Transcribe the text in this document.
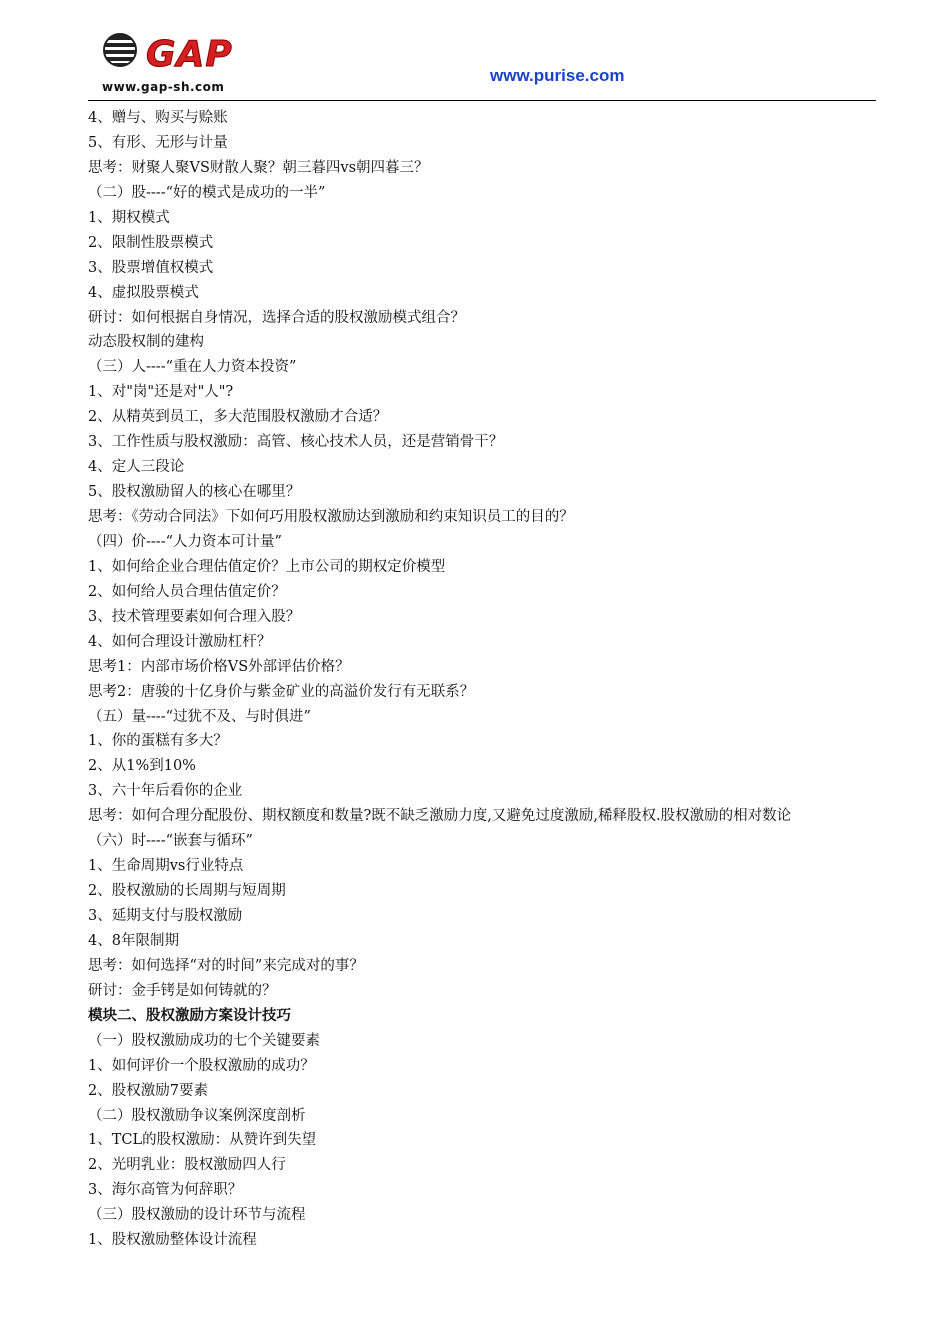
GAP
www.gap-sh.com
www.purise.com
4、赠与、购买与赊账
5、有形、无形与计量
思考：财聚人聚VS财散人聚？朝三暮四vs朝四暮三？
（二）股----“好的模式是成功的一半”
1、期权模式
2、限制性股票模式
3、股票增值权模式
4、虚拟股票模式
研讨：如何根据自身情况，选择合适的股权激励模式组合？
动态股权制的建构
（三）人----“重在人力资本投资”
1、对"岗"还是对"人"?
2、从精英到员工，多大范围股权激励才合适？
3、工作性质与股权激励：高管、核心技术人员，还是营销骨干？
4、定人三段论
5、股权激励留人的核心在哪里？
思考：《劳动合同法》下如何巧用股权激励达到激励和约束知识员工的目的？
（四）价----“人力资本可计量”
1、如何给企业合理估值定价？上市公司的期权定价模型
2、如何给人员合理估值定价？
3、技术管理要素如何合理入股？
4、如何合理设计激励杠杆？
思考1：内部市场价格VS外部评估价格？
思考2：唐骏的十亿身价与紫金矿业的高溢价发行有无联系？
（五）量----“过犹不及、与时俱进”
1、你的蛋糕有多大？
2、从1%到10%
3、六十年后看你的企业
思考：如何合理分配股份、期权额度和数量?既不缺乏激励力度,又避免过度激励,稀释股权.股权激励的相对数论
（六）时----“嵌套与循环”
1、生命周期vs行业特点
2、股权激励的长周期与短周期
3、延期支付与股权激励
4、8年限制期
思考：如何选择“对的时间”来完成对的事？
研讨：金手铐是如何铸就的？
模块二、股权激励方案设计技巧
（一）股权激励成功的七个关键要素
1、如何评价一个股权激励的成功？
2、股权激励7要素
（二）股权激励争议案例深度剖析
1、TCL的股权激励：从赞许到失望
2、光明乳业：股权激励四人行
3、海尔高管为何辞职？
（三）股权激励的设计环节与流程
1、股权激励整体设计流程
